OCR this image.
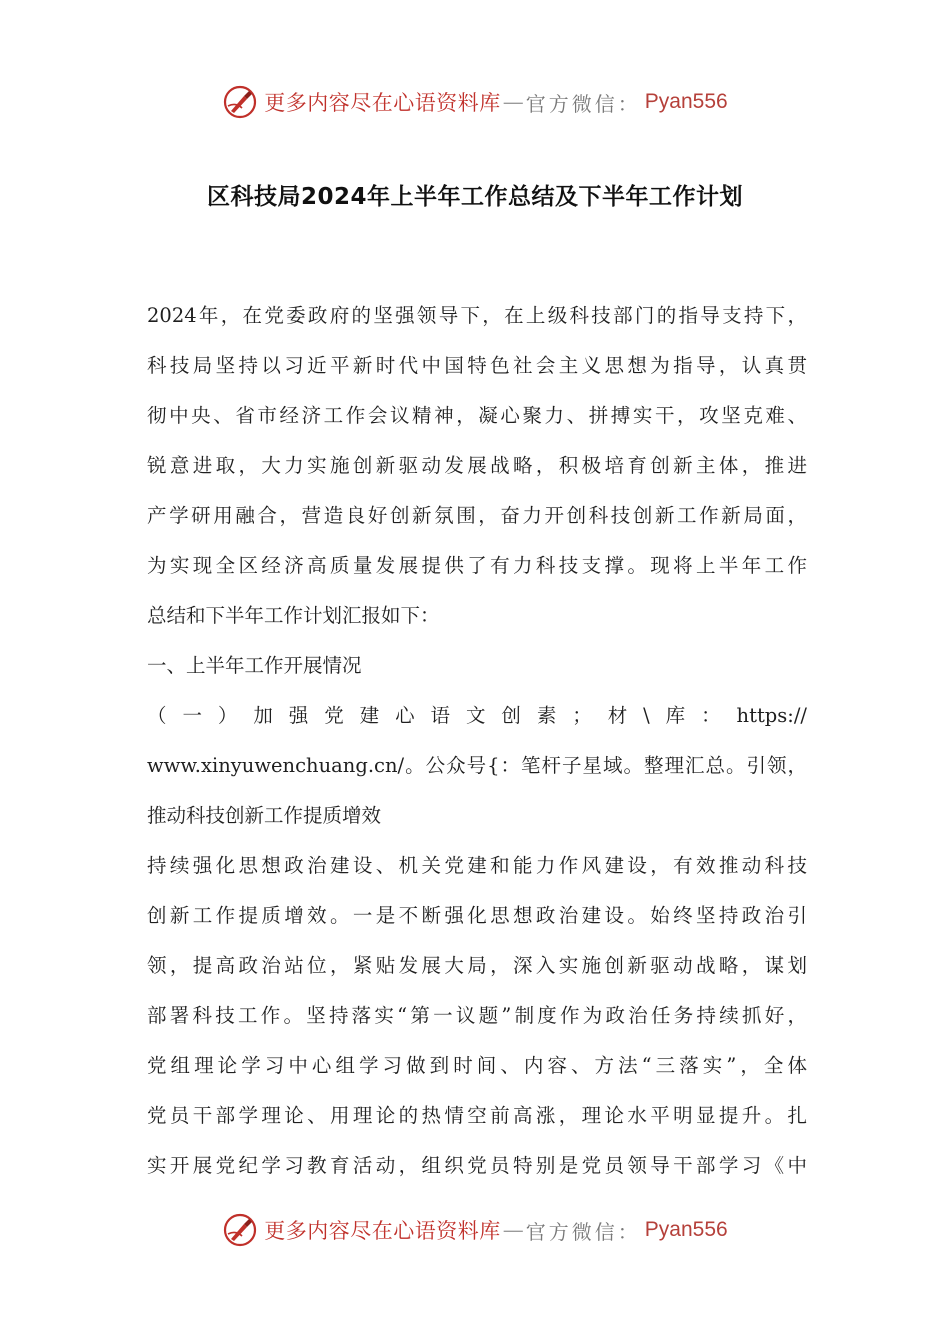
更多内容尽在心语资料库 — 官方微信： Pyan556
区科技局2024年上半年工作总结及下半年工作计划
2024年，在党委政府的坚强领导下，在上级科技部门的指导支持下，
科技局坚持以习近平新时代中国特色社会主义思想为指导，认真贯
彻中央、省市经济工作会议精神，凝心聚力、拼搏实干，攻坚克难、
锐意进取，大力实施创新驱动发展战略，积极培育创新主体，推进
产学研用融合，营造良好创新氛围，奋力开创科技创新工作新局面，
为实现全区经济高质量发展提供了有力科技支撑。现将上半年工作
总结和下半年工作计划汇报如下：
一、上半年工作开展情况
（一）加强党建心语文创素；材\库：https://
www.xinyuwenchuang.cn/。公众号{：笔杆子星域。整理汇总。引领，
推动科技创新工作提质增效
持续强化思想政治建设、机关党建和能力作风建设，有效推动科技
创新工作提质增效。一是不断强化思想政治建设。始终坚持政治引
领，提高政治站位，紧贴发展大局，深入实施创新驱动战略，谋划
部署科技工作。坚持落实“第一议题”制度作为政治任务持续抓好，
党组理论学习中心组学习做到时间、内容、方法“三落实”，全体
党员干部学理论、用理论的热情空前高涨，理论水平明显提升。扎
实开展党纪学习教育活动，组织党员特别是党员领导干部学习《中
更多内容尽在心语资料库 — 官方微信： Pyan556
